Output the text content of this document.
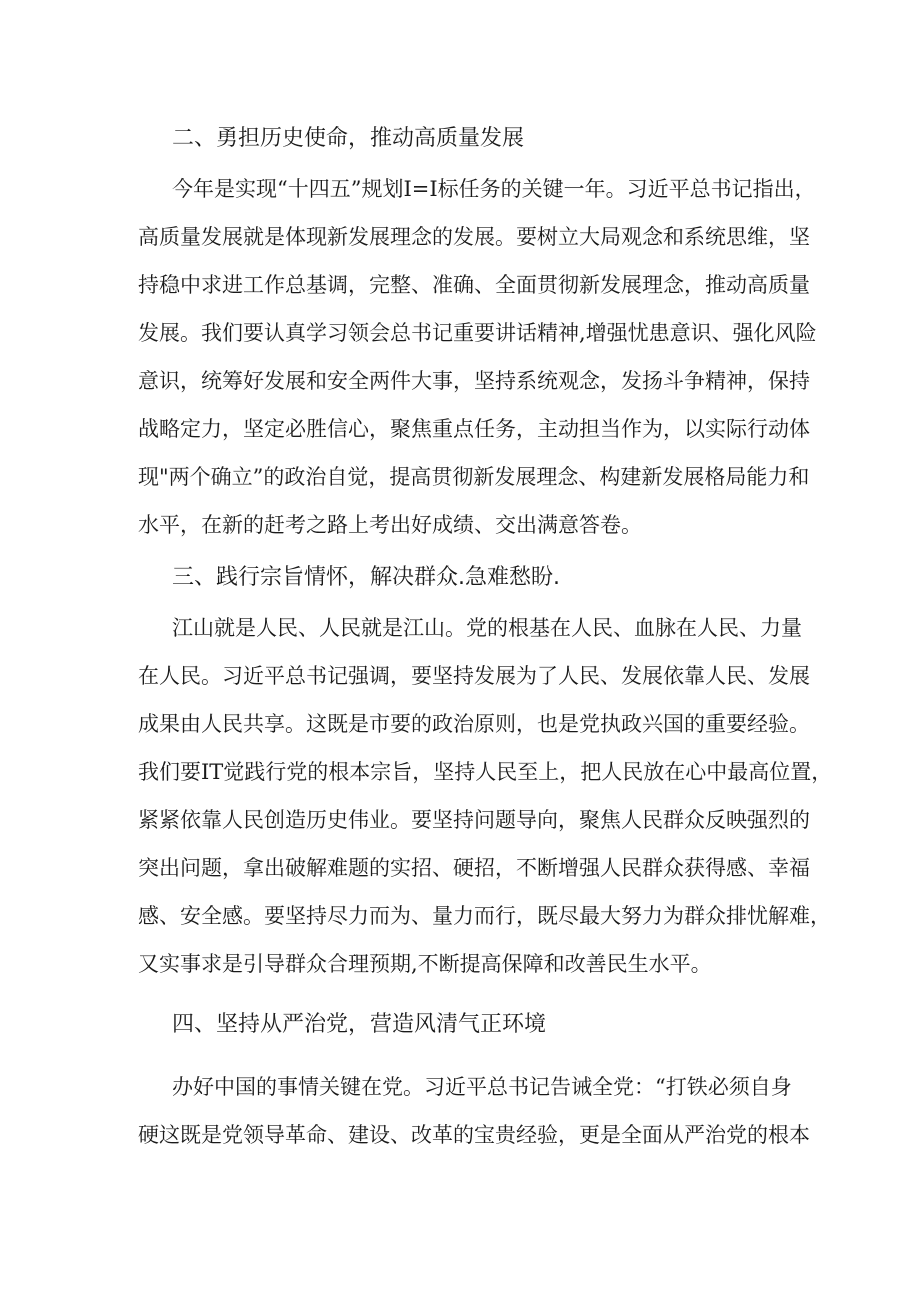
二、勇担历史使命，推动高质量发展
今年是实现“十四五”规划I=I标任务的关键一年。习近平总书记指出，
高质量发展就是体现新发展理念的发展。要树立大局观念和系统思维，坚
持稳中求进工作总基调，完整、准确、全面贯彻新发展理念，推动高质量
发展。我们要认真学习领会总书记重要讲话精神,增强忧患意识、强化风险
意识，统筹好发展和安全两件大事，坚持系统观念，发扬斗争精神，保持
战略定力，坚定必胜信心，聚焦重点任务，主动担当作为，以实际行动体
现"两个确立”的政治自觉，提高贯彻新发展理念、构建新发展格局能力和
水平，在新的赶考之路上考出好成绩、交出满意答卷。
三、践行宗旨情怀，解决群众.急难愁盼.
江山就是人民、人民就是江山。党的根基在人民、血脉在人民、力量
在人民。习近平总书记强调，要坚持发展为了人民、发展依靠人民、发展
成果由人民共享。这既是市要的政治原则，也是党执政兴国的重要经验。
我们要IT觉践行党的根本宗旨，坚持人民至上，把人民放在心中最高位置，
紧紧依靠人民创造历史伟业。要坚持问题导向，聚焦人民群众反映强烈的
突出问题，拿出破解难题的实招、硬招，不断增强人民群众获得感、幸福
感、安全感。要坚持尽力而为、量力而行，既尽最大努力为群众排忧解难，
又实事求是引导群众合理预期,不断提高保障和改善民生水平。
四、坚持从严治党，营造风清气正环境
办好中国的事情关键在党。习近平总书记告诫全党：“打铁必须自身
硬这既是党领导革命、建设、改革的宝贵经验，更是全面从严治党的根本
